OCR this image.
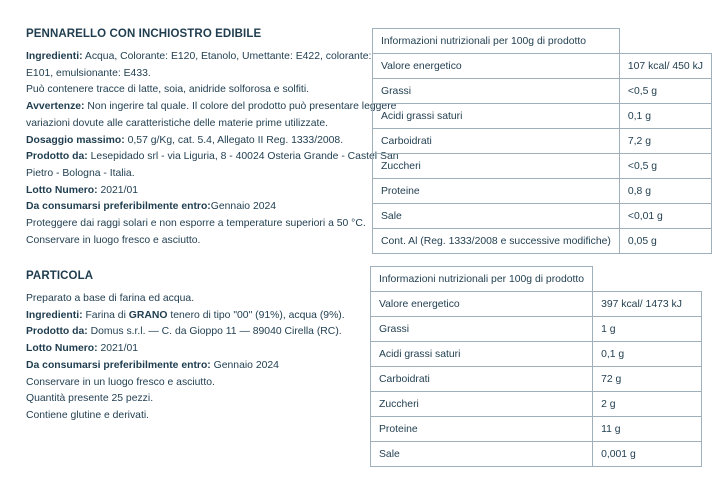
PENNARELLO CON INCHIOSTRO EDIBILE
Ingredienti: Acqua, Colorante: E120, Etanolo, Umettante: E422, colorante:
E101, emulsionante: E433.
Può contenere tracce di latte, soia, anidride solforosa e solfiti.
Avvertenze: Non ingerire tal quale. Il colore del prodotto può presentare leggere
variazioni dovute alle caratteristiche delle materie prime utilizzate.
Dosaggio massimo: 0,57 g/Kg, cat. 5.4, Allegato II Reg. 1333/2008.
Prodotto da: Lesepidado srl - via Liguria, 8 - 40024 Osteria Grande - Castel San
Pietro - Bologna - Italia.
Lotto Numero: 2021/01
Da consumarsi preferibilmente entro:Gennaio 2024
Proteggere dai raggi solari e non esporre a temperature superiori a 50 °C.
Conservare in luogo fresco e asciutto.
PARTICOLA
Preparato a base di farina ed acqua.
Ingredienti: Farina di GRANO tenero di tipo "00" (91%), acqua (9%).
Prodotto da: Domus s.r.l. — C. da Gioppo 11 — 89040 Cirella (RC).
Lotto Numero: 2021/01
Da consumarsi preferibilmente entro: Gennaio 2024
Conservare in un luogo fresco e asciutto.
Quantità presente 25 pezzi.
Contiene glutine e derivati.
Informazioni nutrizionali per 100g di prodotto	
Valore energetico	107 kcal/ 450 kJ
Grassi	<0,5 g
Acidi grassi saturi	0,1 g
Carboidrati	7,2 g
Zuccheri	<0,5 g
Proteine	0,8 g
Sale	<0,01 g
Cont. Al (Reg. 1333/2008 e successive modifiche)	0,05 g
Informazioni nutrizionali per 100g di prodotto	
Valore energetico	397 kcal/ 1473 kJ
Grassi	1 g
Acidi grassi saturi	0,1 g
Carboidrati	72 g
Zuccheri	2 g
Proteine	11 g
Sale	0,001 g
